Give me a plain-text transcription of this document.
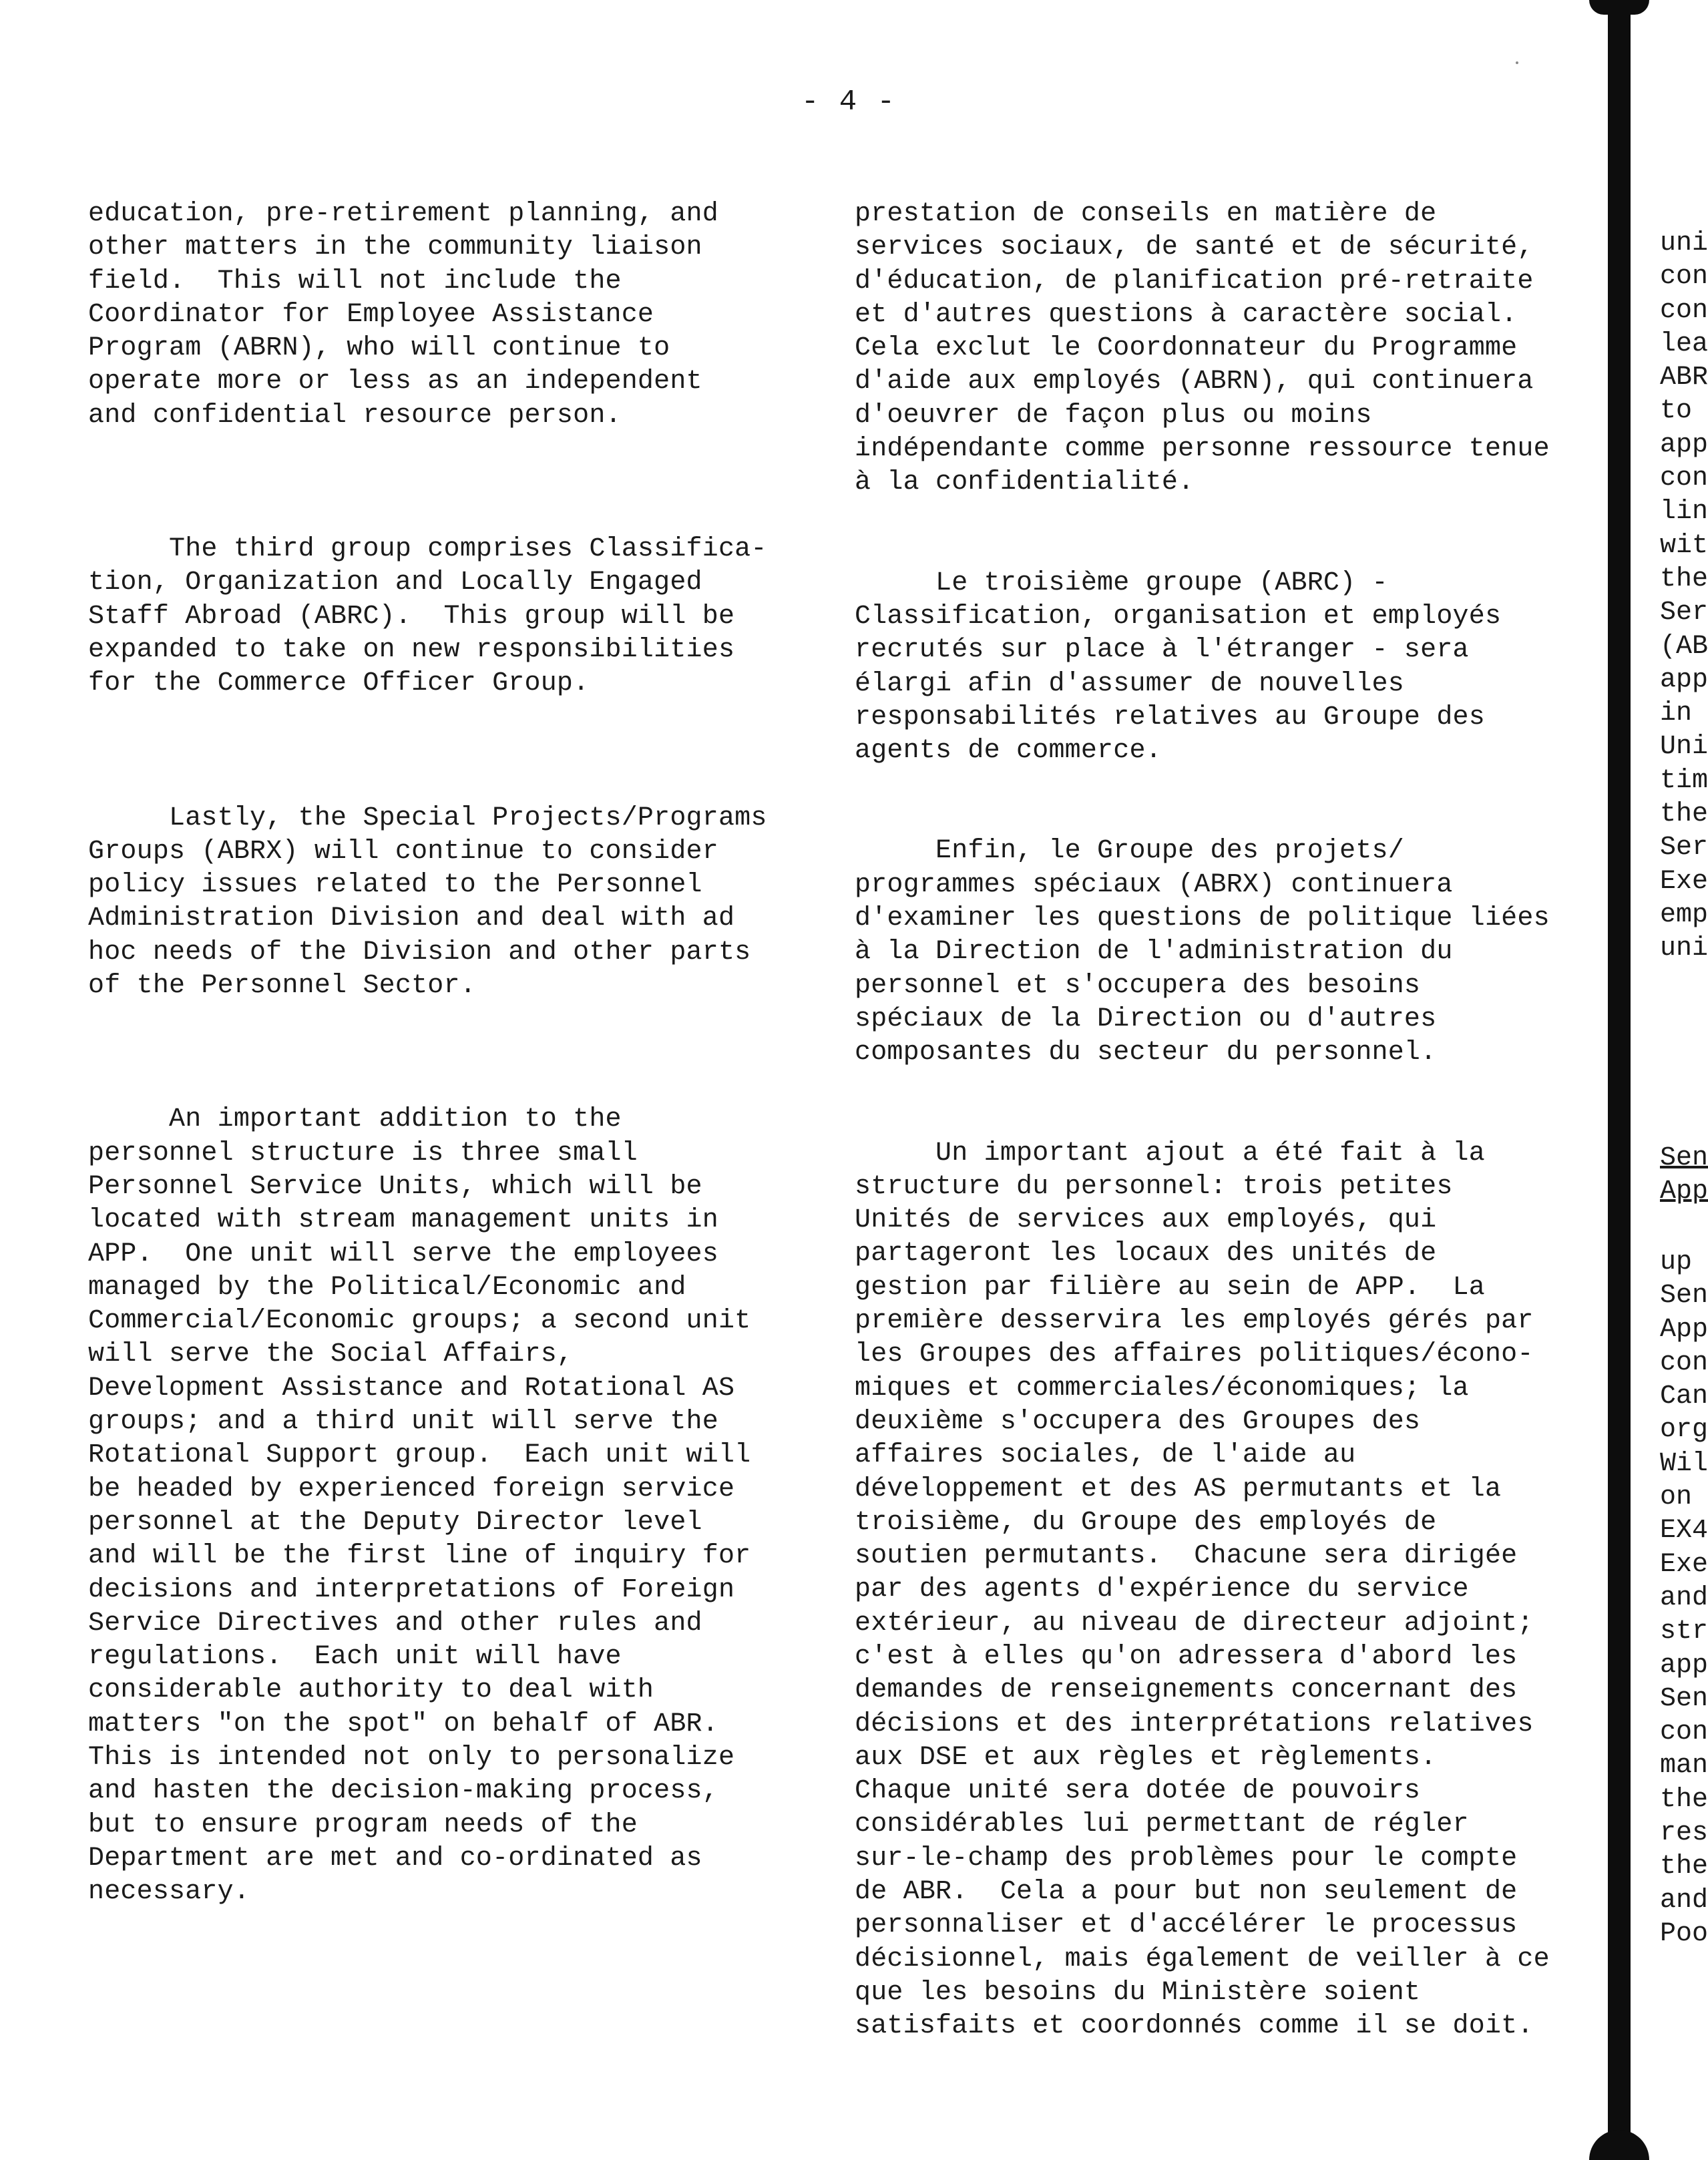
- 4 -

education, pre-retirement planning, and
other matters in the community liaison
field.  This will not include the
Coordinator for Employee Assistance
Program (ABRN), who will continue to
operate more or less as an independent
and confidential resource person.

The third group comprises Classifica-
tion, Organization and Locally Engaged
Staff Abroad (ABRC).  This group will be
expanded to take on new responsibilities
for the Commerce Officer Group.

Lastly, the Special Projects/Programs
Groups (ABRX) will continue to consider
policy issues related to the Personnel
Administration Division and deal with ad
hoc needs of the Division and other parts
of the Personnel Sector.

An important addition to the
personnel structure is three small
Personnel Service Units, which will be
located with stream management units in
APP.  One unit will serve the employees
managed by the Political/Economic and
Commercial/Economic groups; a second unit
will serve the Social Affairs,
Development Assistance and Rotational AS
groups; and a third unit will serve the
Rotational Support group.  Each unit will
be headed by experienced foreign service
personnel at the Deputy Director level
and will be the first line of inquiry for
decisions and interpretations of Foreign
Service Directives and other rules and
regulations.  Each unit will have
considerable authority to deal with
matters "on the spot" on behalf of ABR.
This is intended not only to personalize
and hasten the decision-making process,
but to ensure program needs of the
Department are met and co-ordinated as
necessary.

prestation de conseils en matière de
services sociaux, de santé et de sécurité,
d'éducation, de planification pré-retraite
et d'autres questions à caractère social.
Cela exclut le Coordonnateur du Programme
d'aide aux employés (ABRN), qui continuera
d'oeuvrer de façon plus ou moins
indépendante comme personne ressource tenue
à la confidentialité.

Le troisième groupe (ABRC) -
Classification, organisation et employés
recrutés sur place à l'étranger - sera
élargi afin d'assumer de nouvelles
responsabilités relatives au Groupe des
agents de commerce.

Enfin, le Groupe des projets/
programmes spéciaux (ABRX) continuera
d'examiner les questions de politique liées
à la Direction de l'administration du
personnel et s'occupera des besoins
spéciaux de la Direction ou d'autres
composantes du secteur du personnel.

Un important ajout a été fait à la
structure du personnel: trois petites
Unités de services aux employés, qui
partageront les locaux des unités de
gestion par filière au sein de APP.  La
première desservira les employés gérés par
les Groupes des affaires politiques/écono-
miques et commerciales/économiques; la
deuxième s'occupera des Groupes des
affaires sociales, de l'aide au
développement et des AS permutants et la
troisième, du Groupe des employés de
soutien permutants.  Chacune sera dirigée
par des agents d'expérience du service
extérieur, au niveau de directeur adjoint;
c'est à elles qu'on adressera d'abord les
demandes de renseignements concernant des
décisions et des interprétations relatives
aux DSE et aux règles et règlements.
Chaque unité sera dotée de pouvoirs
considérables lui permettant de régler
sur-le-champ des problèmes pour le compte
de ABR.  Cela a pour but non seulement de
personnaliser et d'accélérer le processus
décisionnel, mais également de veiller à ce
que les besoins du Ministère soient
satisfaits et coordonnés comme il se doit.

uni
con
con
lea
ABR
to
app
con
lin
wit
the
Ser
(AB
app
in
Uni
tim
the
Ser
Exe
emp
uni

Sen
App

up
Sen
App
con
Can
org
Wil
on
EX4
Exe
and
str
app
Sen
con
man
the
res
the
and
Poo
